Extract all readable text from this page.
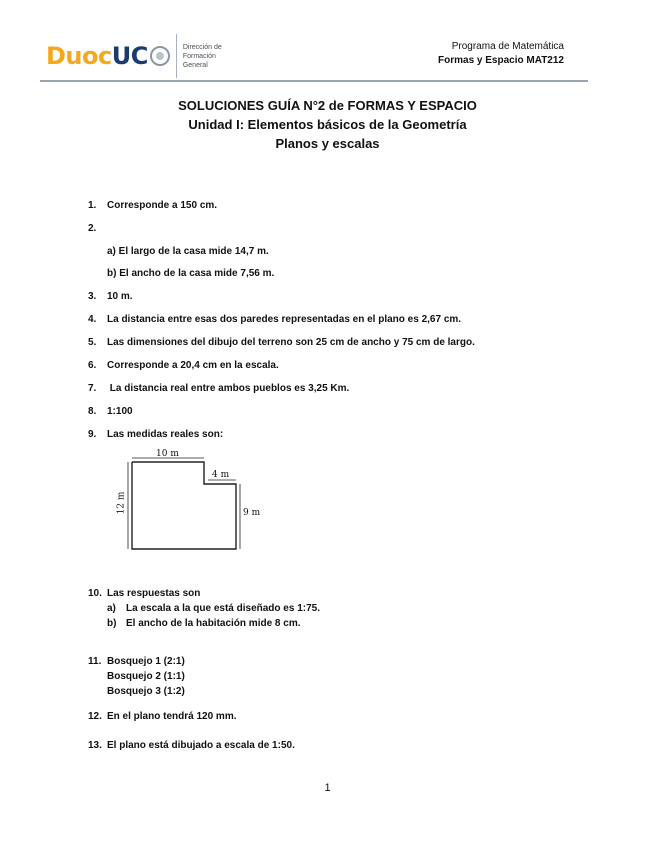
Duoc UC	Dirección de
Formación
General
Programa de Matemática
Formas y Espacio MAT212
SOLUCIONES GUÍA N°2 de FORMAS Y ESPACIO
Unidad I: Elementos básicos de la Geometría
Planos y escalas
1. Corresponde a 150 cm.
2.
a) El largo de la casa mide 14,7 m.
b) El ancho de la casa mide 7,56 m.
3. 10 m.
4. La distancia entre esas dos paredes representadas en el plano es 2,67 cm.
5. Las dimensiones del dibujo del terreno son 25 cm de ancho y 75 cm de largo.
6. Corresponde a 20,4 cm en la escala.
7. La distancia real entre ambos pueblos es 3,25 Km.
8. 1:100
9. Las medidas reales son:
10. Las respuestas son
a) La escala a la que está diseñado es 1:75.
b) El ancho de la habitación mide 8 cm.
11. Bosquejo 1 (2:1)
Bosquejo 2 (1:1)
Bosquejo 3 (1:2)
12. En el plano tendrá 120 mm.
13. El plano está dibujado a escala de 1:50.
10 m
4 m
12 m	9 m
1
